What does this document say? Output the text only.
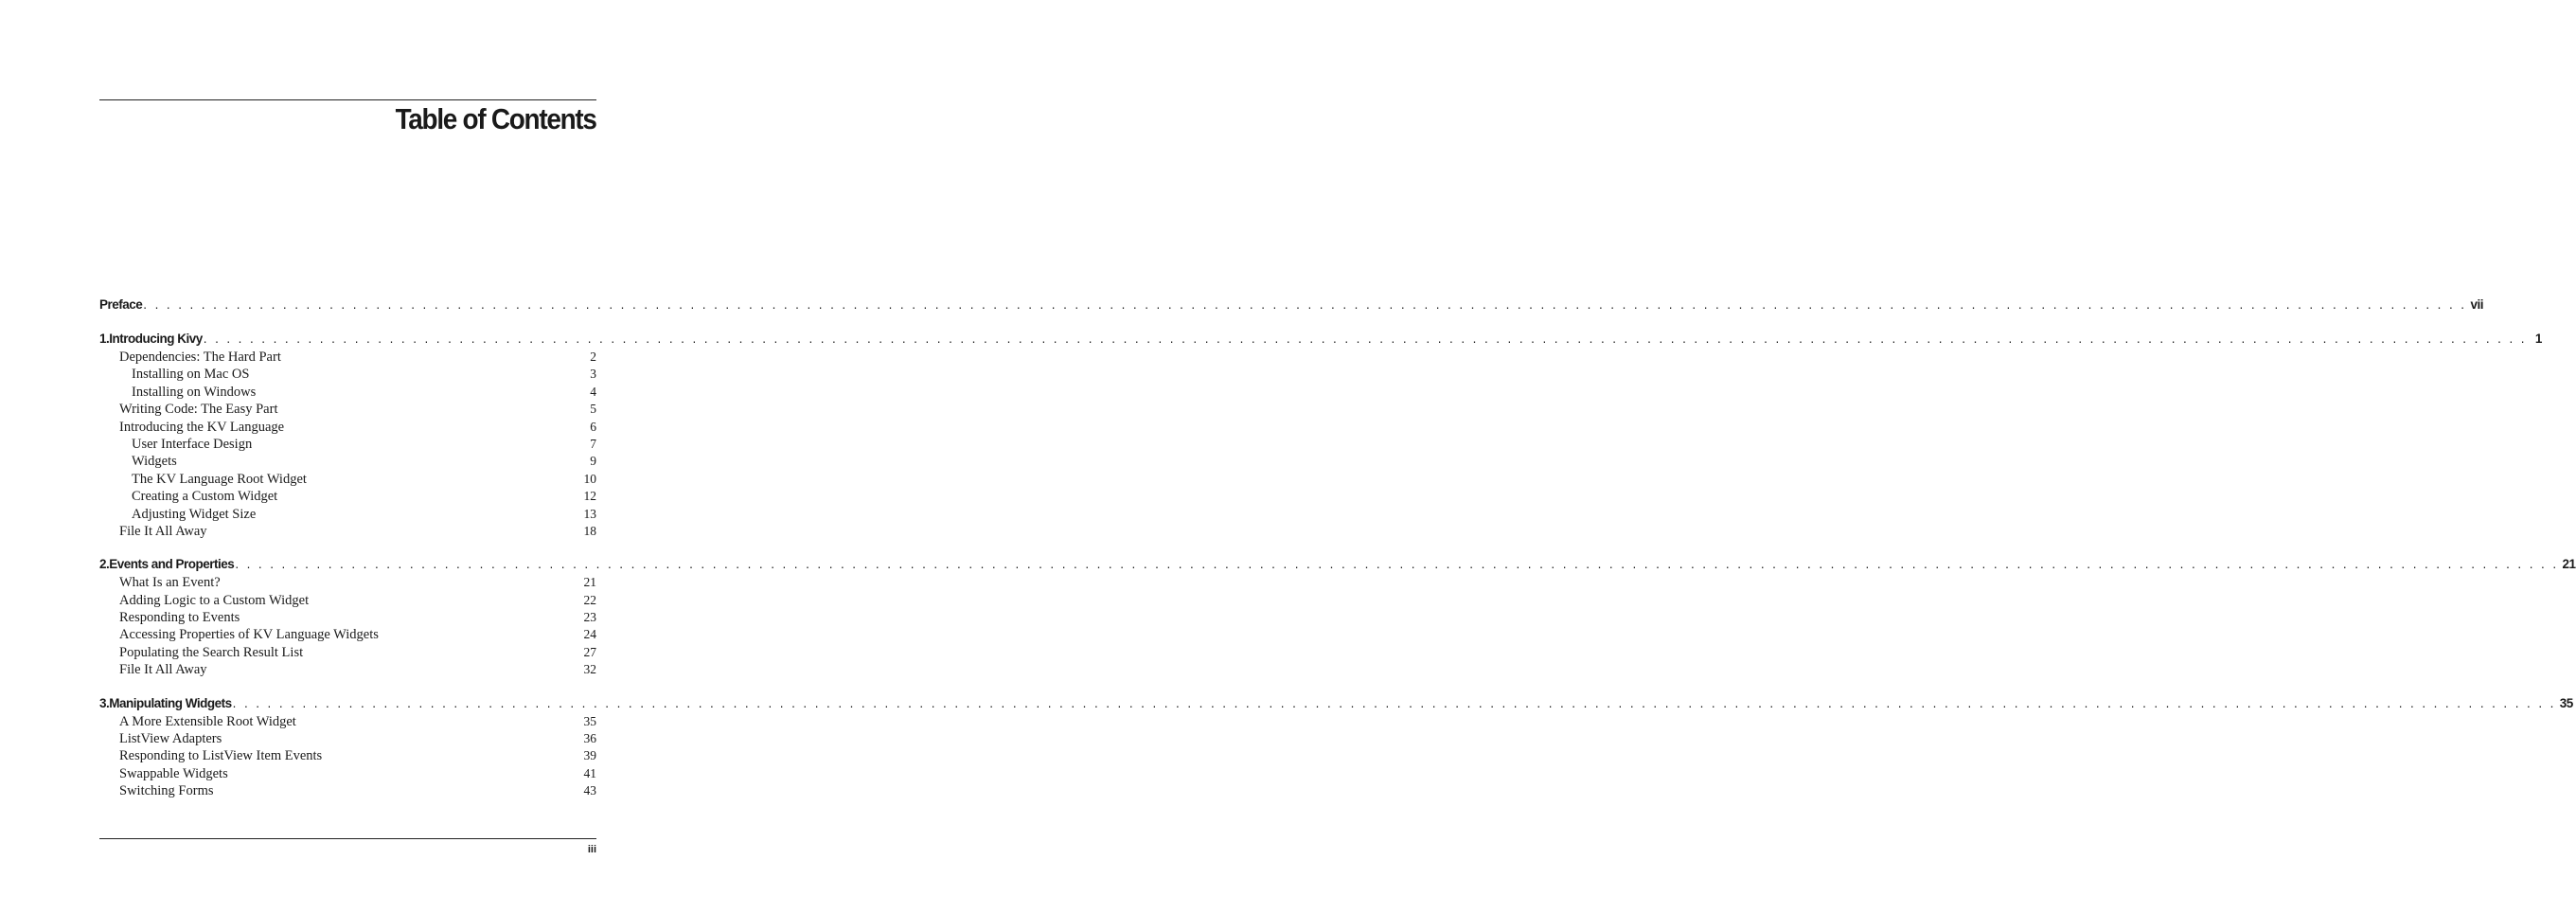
Table of Contents
Preface . . . . . . . . . . . . . . . . . . . . . . . . . . . . . . . . . . . . . . . . . . . . . . . . . . . . . . . . . . . . . . . . . . . . . . . . . . . . . . . . . . . . . . . . . . . . . . . . . . . . . . . . . . . . . . . . . . . . . . . . . . . . . . . . . . . . . . . . . . . . . . . . . . . . . . . . . . . . . . . . . . . . . . . . . . . . . . . . . . . . . . . . . . . . . . . . . . . . . . . . vii
1. Introducing Kivy . . . . . . . . . . . . . . . . . . . . . . . . . . . . . . . . . . . . . . . . . . . . . . . . . . . . . . . . . . . . . . . . . . . . . . . . . . . . . . . . . . . . . . . . . . . . . . . . . . . . . . . . . . . . . . . . . . . . . . . . . . . . . . . . . . . . . . . . . . . . . . . . . . . . . . . . . . . . . . . . . . . . . . . . . . . . . . . . . . . . . . . . . . . . . . . . . . . . . . . . 1
Dependencies: The Hard Part	2
Installing on Mac OS	3
Installing on Windows	4
Writing Code: The Easy Part	5
Introducing the KV Language	6
User Interface Design	7
Widgets	9
The KV Language Root Widget	10
Creating a Custom Widget	12
Adjusting Widget Size	13
File It All Away	18
2. Events and Properties . . . . . . . . . . . . . . . . . . . . . . . . . . . . . . . . . . . . . . . . . . . . . . . . . . . . . . . . . . . . . . . . . . . . . . . . . . . . . . . . . . . . . . . . . . . . . . . . . . . . . . . . . . . . . . . . . . . . . . . . . . . . . . . . . . . . . . . . . . . . . . . . . . . . . . . . . . . . . . . . . . . . . . . . . . . . . . . . . . . . . . . . . . . . . . . . . . . . . . . . 21
What Is an Event?	21
Adding Logic to a Custom Widget	22
Responding to Events	23
Accessing Properties of KV Language Widgets	24
Populating the Search Result List	27
File It All Away	32
3. Manipulating Widgets . . . . . . . . . . . . . . . . . . . . . . . . . . . . . . . . . . . . . . . . . . . . . . . . . . . . . . . . . . . . . . . . . . . . . . . . . . . . . . . . . . . . . . . . . . . . . . . . . . . . . . . . . . . . . . . . . . . . . . . . . . . . . . . . . . . . . . . . . . . . . . . . . . . . . . . . . . . . . . . . . . . . . . . . . . . . . . . . . . . . . . . . . . . . . . . . . . . . . . . . 35
A More Extensible Root Widget	35
ListView Adapters	36
Responding to ListView Item Events	39
Swappable Widgets	41
Switching Forms	43
iii
